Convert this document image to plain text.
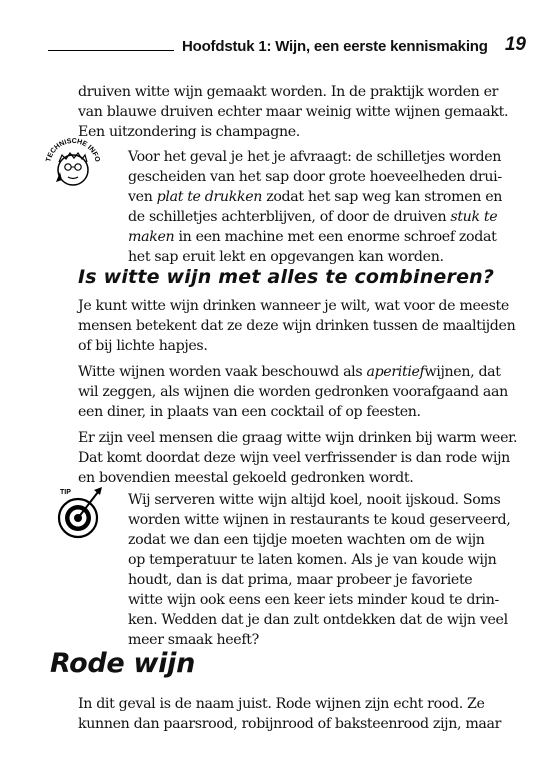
Hoofdstuk 1: Wijn, een eerste kennismaking 19

druiven witte wijn gemaakt worden. In de praktijk worden er
van blauwe druiven echter maar weinig witte wijnen gemaakt.
Een uitzondering is champagne.

TECHNISCHE INFO Voor het geval je het je afvraagt: de schilletjes worden
gescheiden van het sap door grote hoeveelheden drui-
ven plat te drukken zodat het sap weg kan stromen en
de schilletjes achterblijven, of door de druiven stuk te
maken in een machine met een enorme schroef zodat
het sap eruit lekt en opgevangen kan worden.

Is witte wijn met alles te combineren?

Je kunt witte wijn drinken wanneer je wilt, wat voor de meeste
mensen betekent dat ze deze wijn drinken tussen de maaltijden
of bij lichte hapjes.

Witte wijnen worden vaak beschouwd als aperitiefwijnen, dat
wil zeggen, als wijnen die worden gedronken voorafgaand aan
een diner, in plaats van een cocktail of op feesten.

Er zijn veel mensen die graag witte wijn drinken bij warm weer.
Dat komt doordat deze wijn veel verfrissender is dan rode wijn
en bovendien meestal gekoeld gedronken wordt.

TIP	Wij serveren witte wijn altijd koel, nooit ijskoud. Soms
worden witte wijnen in restaurants te koud geserveerd,
zodat we dan een tijdje moeten wachten om de wijn
op temperatuur te laten komen. Als je van koude wijn
houdt, dan is dat prima, maar probeer je favoriete
witte wijn ook eens een keer iets minder koud te drin-
ken. Wedden dat je dan zult ontdekken dat de wijn veel
meer smaak heeft?

Rode wijn

In dit geval is de naam juist. Rode wijnen zijn echt rood. Ze
kunnen dan paarsrood, robijnrood of baksteenrood zijn, maar
